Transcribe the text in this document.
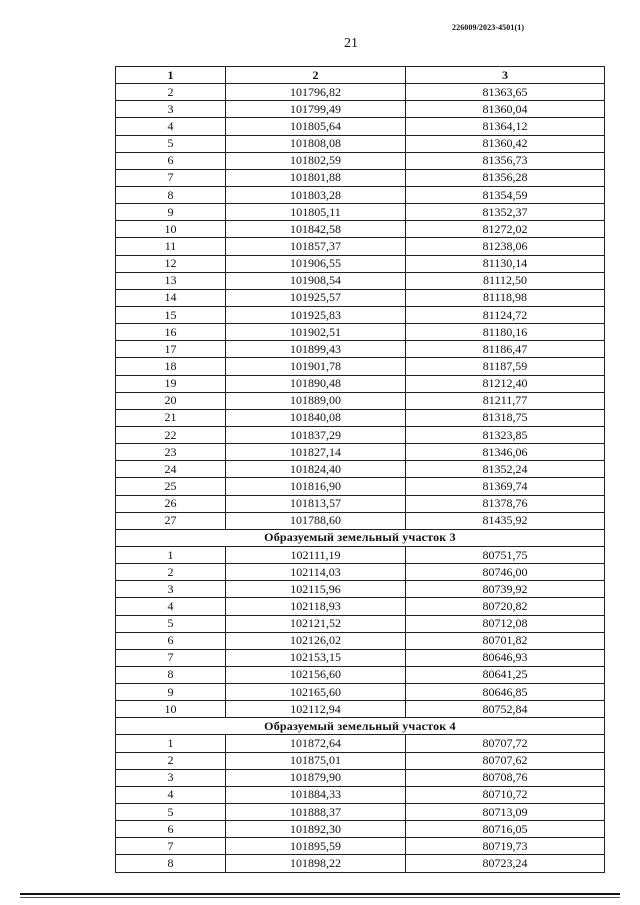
226009/2023-4501(1)
21
1	2	3
2	101796,82	81363,65
3	101799,49	81360,04
4	101805,64	81364,12
5	101808,08	81360,42
6	101802,59	81356,73
7	101801,88	81356,28
8	101803,28	81354,59
9	101805,11	81352,37
10	101842,58	81272,02
11	101857,37	81238,06
12	101906,55	81130,14
13	101908,54	81112,50
14	101925,57	81118,98
15	101925,83	81124,72
16	101902,51	81180,16
17	101899,43	81186,47
18	101901,78	81187,59
19	101890,48	81212,40
20	101889,00	81211,77
21	101840,08	81318,75
22	101837,29	81323,85
23	101827,14	81346,06
24	101824,40	81352,24
25	101816,90	81369,74
26	101813,57	81378,76
27	101788,60	81435,92
Образуемый земельный участок 3		
1	102111,19	80751,75
2	102114,03	80746,00
3	102115,96	80739,92
4	102118,93	80720,82
5	102121,52	80712,08
6	102126,02	80701,82
7	102153,15	80646,93
8	102156,60	80641,25
9	102165,60	80646,85
10	102112,94	80752,84
Образуемый земельный участок 4		
1	101872,64	80707,72
2	101875,01	80707,62
3	101879,90	80708,76
4	101884,33	80710,72
5	101888,37	80713,09
6	101892,30	80716,05
7	101895,59	80719,73
8	101898,22	80723,24
